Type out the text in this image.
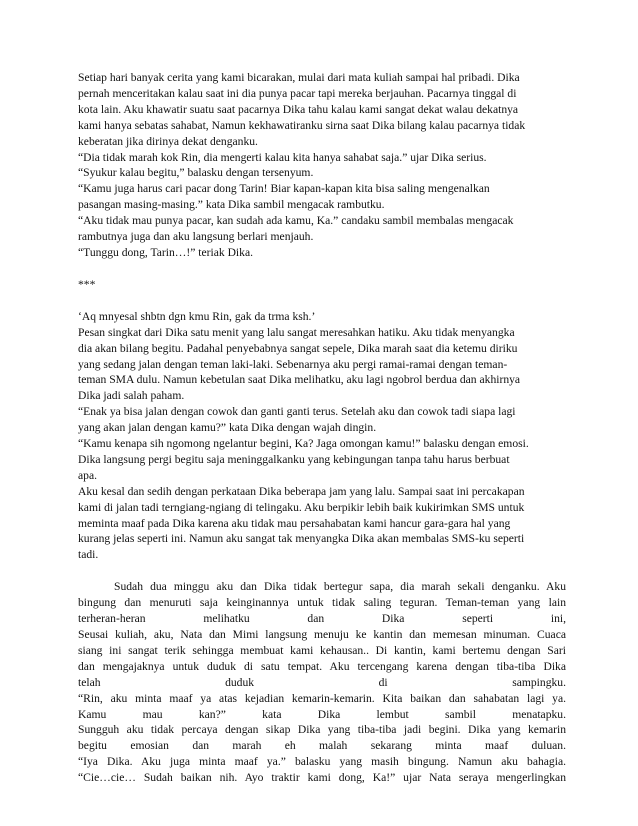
Setiap hari banyak cerita yang kami bicarakan, mulai dari mata kuliah sampai hal pribadi. Dika

pernah menceritakan kalau saat ini dia punya pacar tapi mereka berjauhan. Pacarnya tinggal di

kota lain. Aku khawatir suatu saat pacarnya Dika tahu kalau kami sangat dekat walau dekatnya

kami hanya sebatas sahabat, Namun kekhawatiranku sirna saat Dika bilang kalau pacarnya tidak

keberatan jika dirinya dekat denganku.

“Dia tidak marah kok Rin, dia mengerti kalau kita hanya sahabat saja.” ujar Dika serius.

“Syukur kalau begitu,” balasku dengan tersenyum.

“Kamu juga harus cari pacar dong Tarin! Biar kapan-kapan kita bisa saling mengenalkan

pasangan masing-masing.” kata Dika sambil mengacak rambutku.

“Aku tidak mau punya pacar, kan sudah ada kamu, Ka.” candaku sambil membalas mengacak

rambutnya juga dan aku langsung berlari menjauh.

“Tunggu dong, Tarin…!” teriak Dika.

***

‘Aq mnyesal shbtn dgn kmu Rin, gak da trma ksh.’

Pesan singkat dari Dika satu menit yang lalu sangat meresahkan hatiku. Aku tidak menyangka

dia akan bilang begitu. Padahal penyebabnya sangat sepele, Dika marah saat dia ketemu diriku

yang sedang jalan dengan teman laki-laki. Sebenarnya aku pergi ramai-ramai dengan teman-

teman SMA dulu. Namun kebetulan saat Dika melihatku, aku lagi ngobrol berdua dan akhirnya

Dika jadi salah paham.

“Enak ya bisa jalan dengan cowok dan ganti ganti terus. Setelah aku dan cowok tadi siapa lagi

yang akan jalan dengan kamu?” kata Dika dengan wajah dingin.

“Kamu kenapa sih ngomong ngelantur begini, Ka? Jaga omongan kamu!” balasku dengan emosi.

Dika langsung pergi begitu saja meninggalkanku yang kebingungan tanpa tahu harus berbuat

apa.

Aku kesal dan sedih dengan perkataan Dika beberapa jam yang lalu. Sampai saat ini percakapan

kami di jalan tadi terngiang-ngiang di telingaku. Aku berpikir lebih baik kukirimkan SMS untuk

meminta maaf pada Dika karena aku tidak mau persahabatan kami hancur gara-gara hal yang

kurang jelas seperti ini. Namun aku sangat tak menyangka Dika akan membalas SMS-ku seperti

tadi.

Sudah dua minggu aku dan Dika tidak bertegur sapa, dia marah sekali denganku. Aku

bingung dan menuruti saja keinginannya untuk tidak saling teguran. Teman-teman yang lain

terheran-heran melihatku dan Dika seperti ini,

Seusai kuliah, aku, Nata dan Mimi langsung menuju ke kantin dan memesan minuman. Cuaca

siang ini sangat terik sehingga membuat kami kehausan.. Di kantin, kami bertemu dengan Sari

dan mengajaknya untuk duduk di satu tempat. Aku tercengang karena dengan tiba-tiba Dika

telah duduk di sampingku.

“Rin, aku minta maaf ya atas kejadian kemarin-kemarin. Kita baikan dan sahabatan lagi ya.

Kamu mau kan?” kata Dika lembut sambil menatapku.

Sungguh aku tidak percaya dengan sikap Dika yang tiba-tiba jadi begini. Dika yang kemarin

begitu emosian dan marah eh malah sekarang minta maaf duluan.

“Iya Dika. Aku juga minta maaf ya.” balasku yang masih bingung. Namun aku bahagia.

“Cie…cie… Sudah baikan nih. Ayo traktir kami dong, Ka!” ujar Nata seraya mengerlingkan
